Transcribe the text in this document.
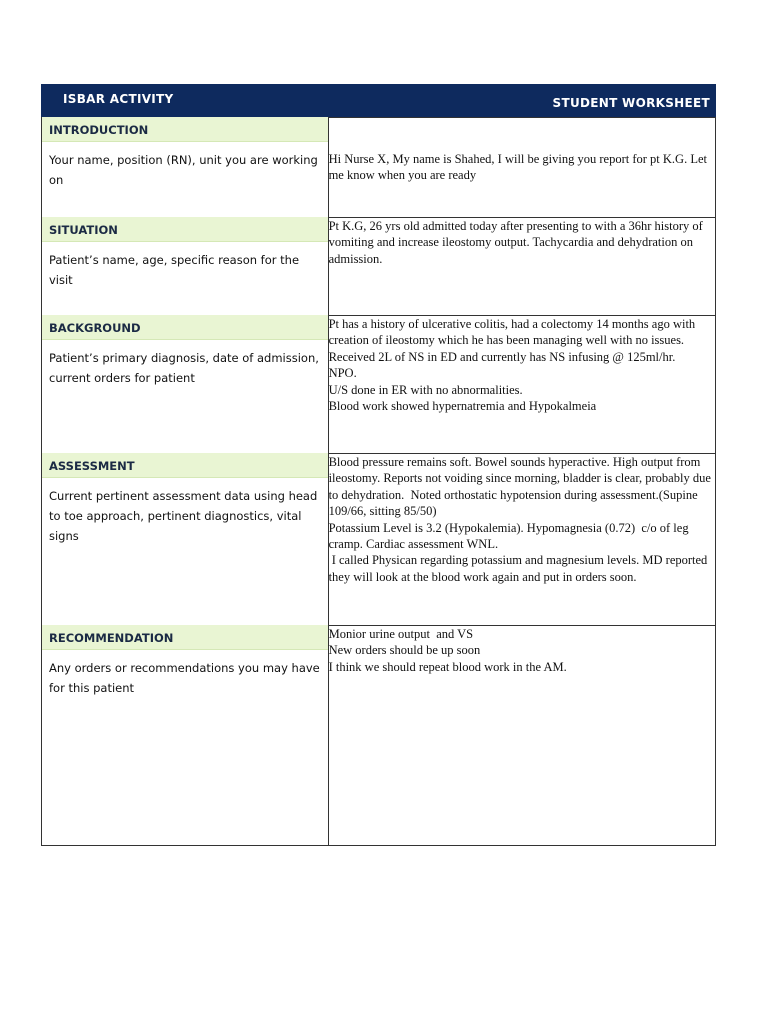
ISBAR ACTIVITY	STUDENT WORKSHEET
INTRODUCTION
Your name, position (RN), unit you are working on
Hi Nurse X, My name is Shahed, I will be giving you report for pt K.G. Let me know when you are ready
SITUATION
Patient’s name, age, specific reason for the visit
Pt K.G, 26 yrs old admitted today after presenting to with a 36hr history of vomiting and increase ileostomy output. Tachycardia and dehydration on admission.
BACKGROUND
Patient’s primary diagnosis, date of admission, current orders for patient
Pt has a history of ulcerative colitis, had a colectomy 14 months ago with creation of ileostomy which he has been managing well with no issues.
Received 2L of NS in ED and currently has NS infusing @ 125ml/hr.
NPO.
U/S done in ER with no abnormalities.
Blood work showed hypernatremia and Hypokalmeia
ASSESSMENT
Current pertinent assessment data using head to toe approach, pertinent diagnostics, vital signs
Blood pressure remains soft. Bowel sounds hyperactive. High output from ileostomy. Reports not voiding since morning, bladder is clear, probably due to dehydration.  Noted orthostatic hypotension during assessment.(Supine 109/66, sitting 85/50)
Potassium Level is 3.2 (Hypokalemia). Hypomagnesia (0.72)  c/o of leg cramp. Cardiac assessment WNL.
I called Physican regarding potassium and magnesium levels. MD reported they will look at the blood work again and put in orders soon.
RECOMMENDATION
Any orders or recommendations you may have for this patient
Monior urine output  and VS
New orders should be up soon
I think we should repeat blood work in the AM.
